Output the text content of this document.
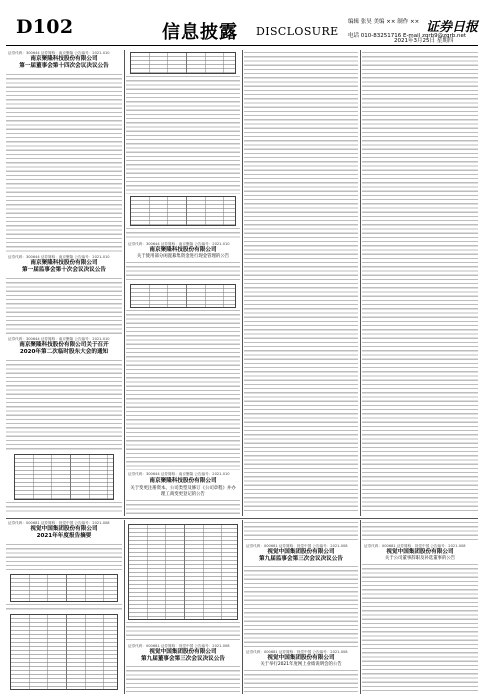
D102	信息披露 DISCLOSURE
编辑 张昊 美编 ×× 制作 ××
电话 010-83251716 E-mail zqrb9@zqrb.net
证券日报
2021年3月25日 星期四
证券代码：300644 证券简称：南京聚隆 公告编号：2021-010
南京聚隆科技股份有限公司
第一届董事会第十四次会议决议公告
证券代码：300644 证券简称：南京聚隆 公告编号：2021-010
南京聚隆科技股份有限公司
第一届监事会第十次会议决议公告
证券代码：300644 证券简称：南京聚隆 公告编号：2021-010
南京聚隆科技股份有限公司关于召开
2020年第二次临时股东大会的通知
证券代码：300644 证券简称：南京聚隆 公告编号：2021-010
南京聚隆科技股份有限公司
关于使用部分闲置募集资金进行现金管理的公告
证券代码：300644 证券简称：南京聚隆 公告编号：2021-010
南京聚隆科技股份有限公司
关于变更注册资本、公司类型及修订《公司章程》并办理工商变更登记的公告
证券代码：000681 证券简称：视觉中国 公告编号：2021-008
视觉中国集团股份有限公司
2021年年度报告摘要
证券代码：000681 证券简称：视觉中国 公告编号：2021-008
视觉中国集团股份有限公司
第九届董事会第三次会议决议公告
证券代码：000681 证券简称：视觉中国 公告编号：2021-008
视觉中国集团股份有限公司
第九届监事会第三次会议决议公告
证券代码：000681 证券简称：视觉中国 公告编号：2021-008
视觉中国集团股份有限公司
关于举行2021年度网上业绩说明会的公告
证券代码：000681 证券简称：视觉中国 公告编号：2021-008
视觉中国集团股份有限公司
关于公司董事辞职及补选董事的公告
